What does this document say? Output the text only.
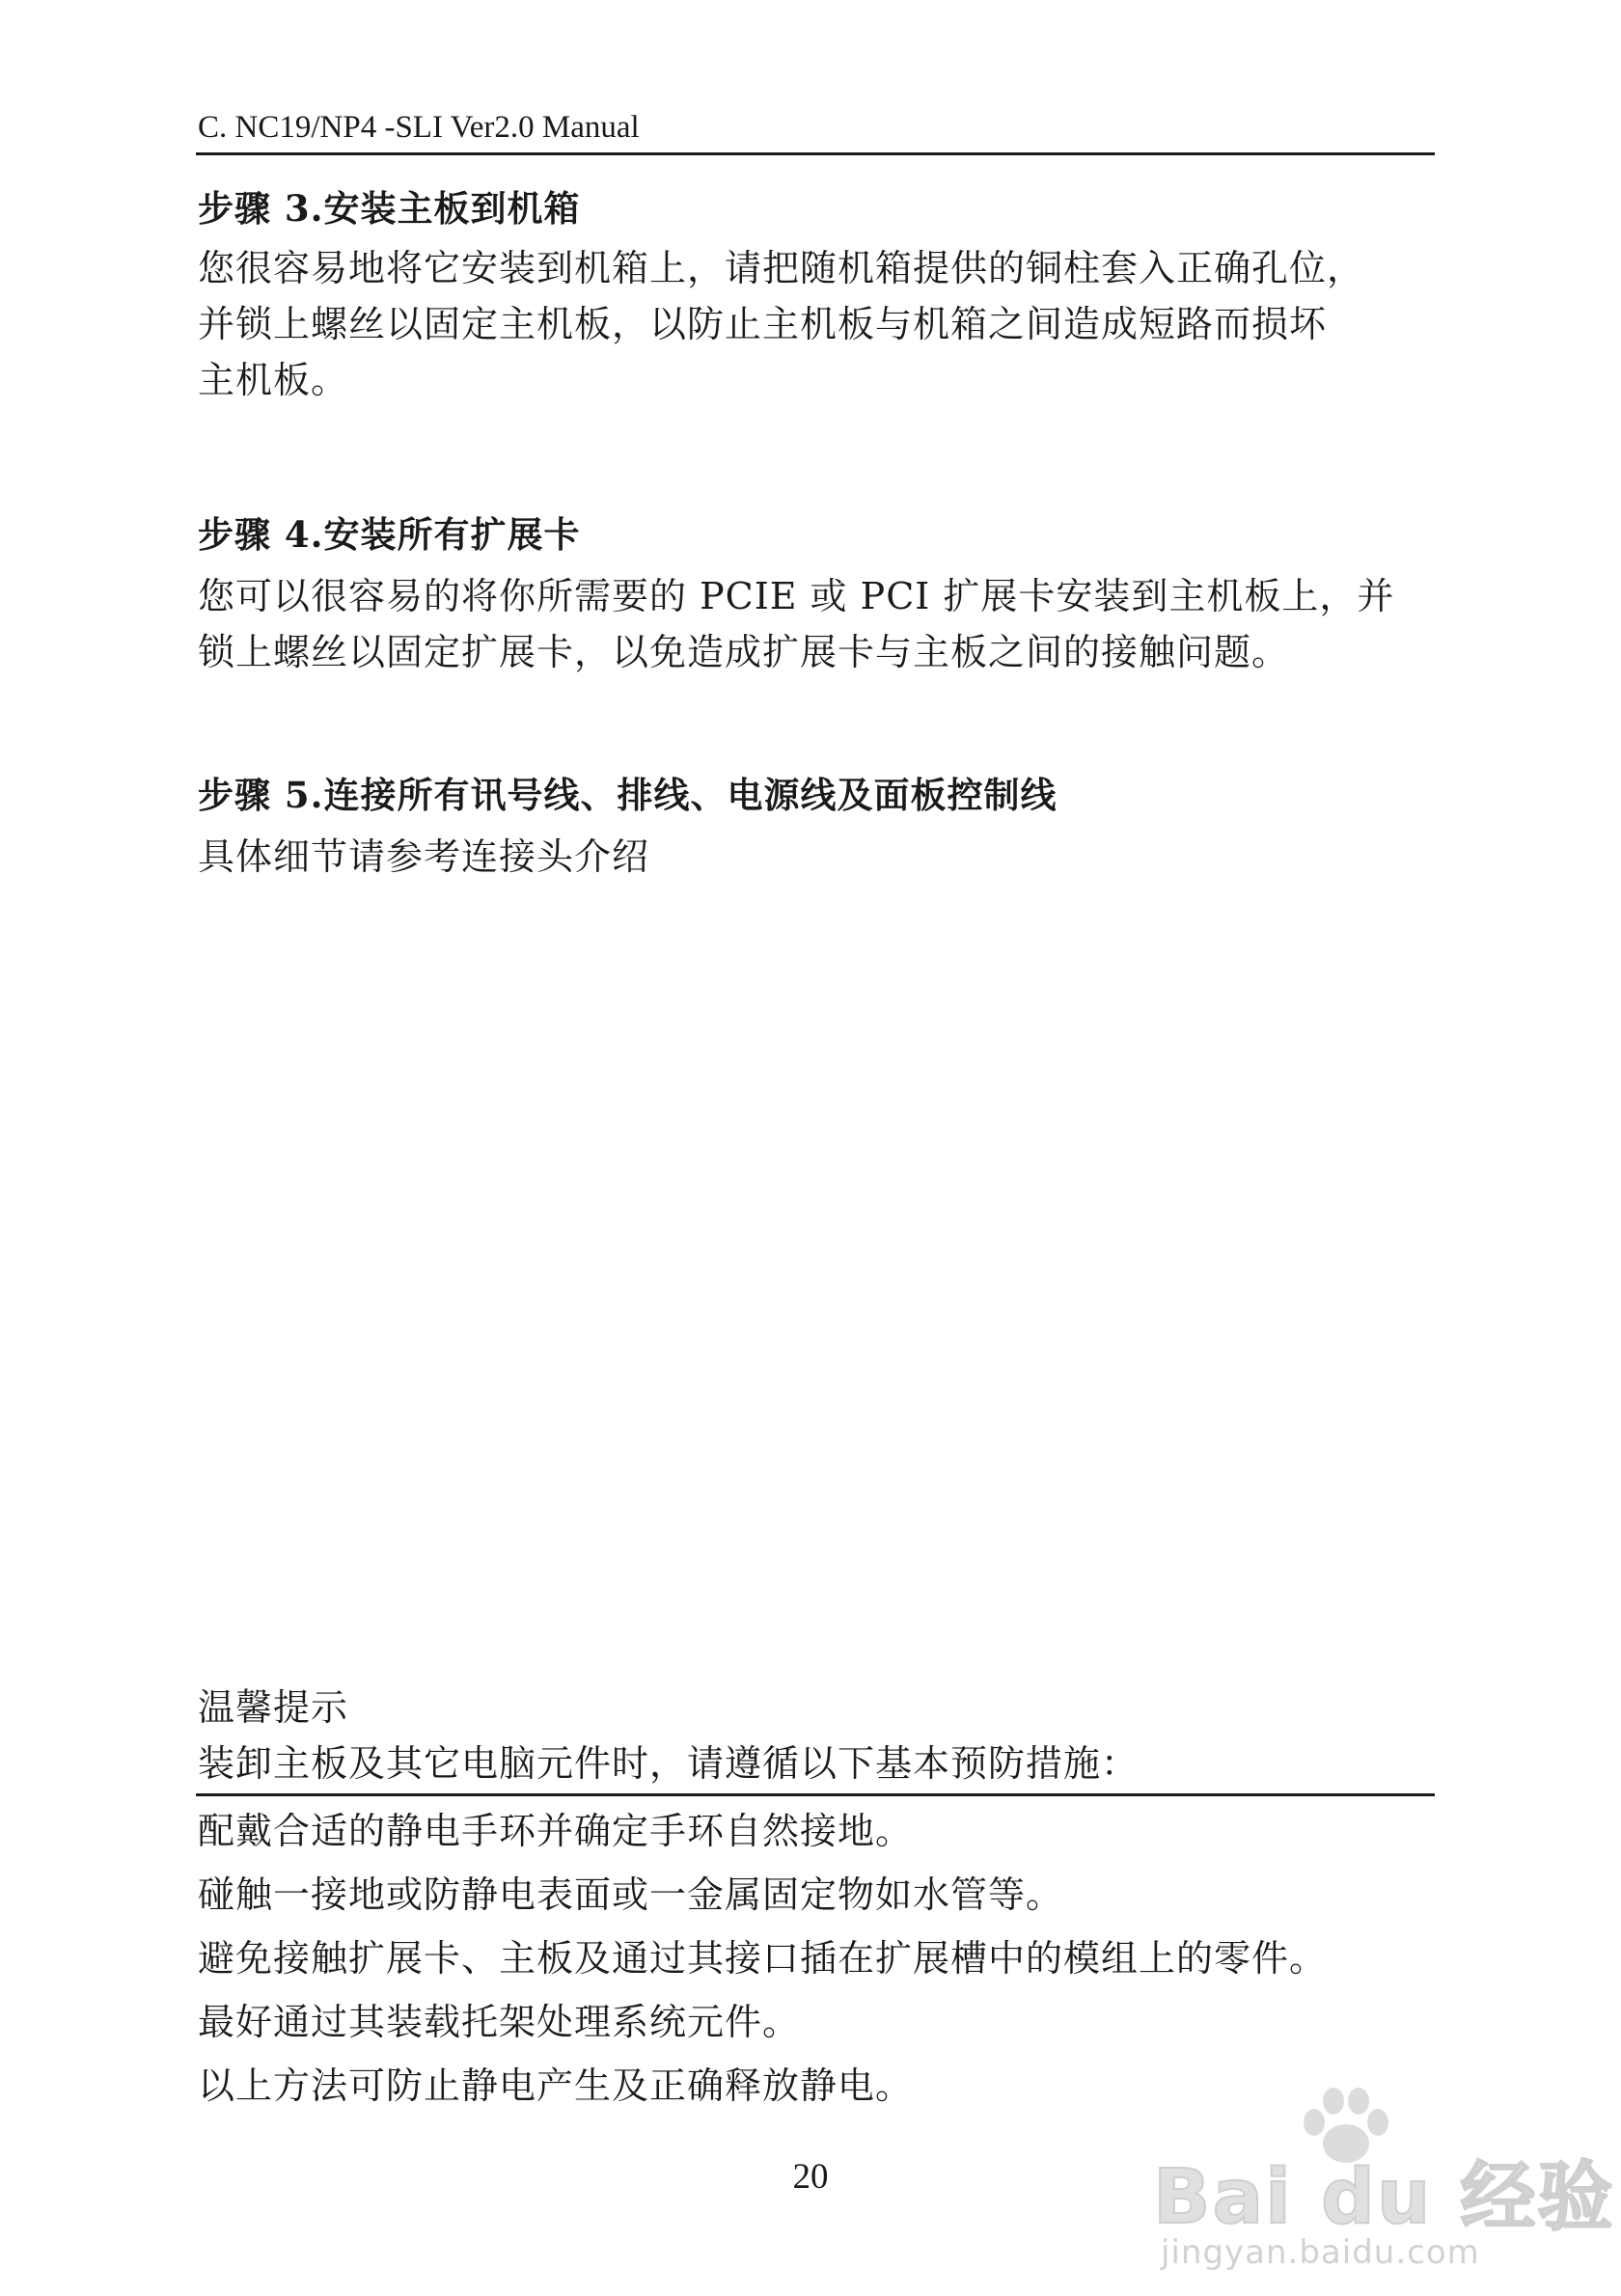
C. NC19/NP4 -SLI Ver2.0 Manual
步骤 3.安装主板到机箱
您很容易地将它安装到机箱上，请把随机箱提供的铜柱套入正确孔位，
并锁上螺丝以固定主机板，以防止主机板与机箱之间造成短路而损坏
主机板。
步骤 4.安装所有扩展卡
您可以很容易的将你所需要的 PCIE 或 PCI 扩展卡安装到主机板上，并
锁上螺丝以固定扩展卡，以免造成扩展卡与主板之间的接触问题。
步骤 5.连接所有讯号线、排线、电源线及面板控制线
具体细节请参考连接头介绍
温馨提示
装卸主板及其它电脑元件时，请遵循以下基本预防措施：
配戴合适的静电手环并确定手环自然接地。
碰触一接地或防静电表面或一金属固定物如水管等。
避免接触扩展卡、主板及通过其接口插在扩展槽中的模组上的零件。
最好通过其装载托架处理系统元件。
以上方法可防止静电产生及正确释放静电。
20	Bai du 经验
jingyan.baidu.com
